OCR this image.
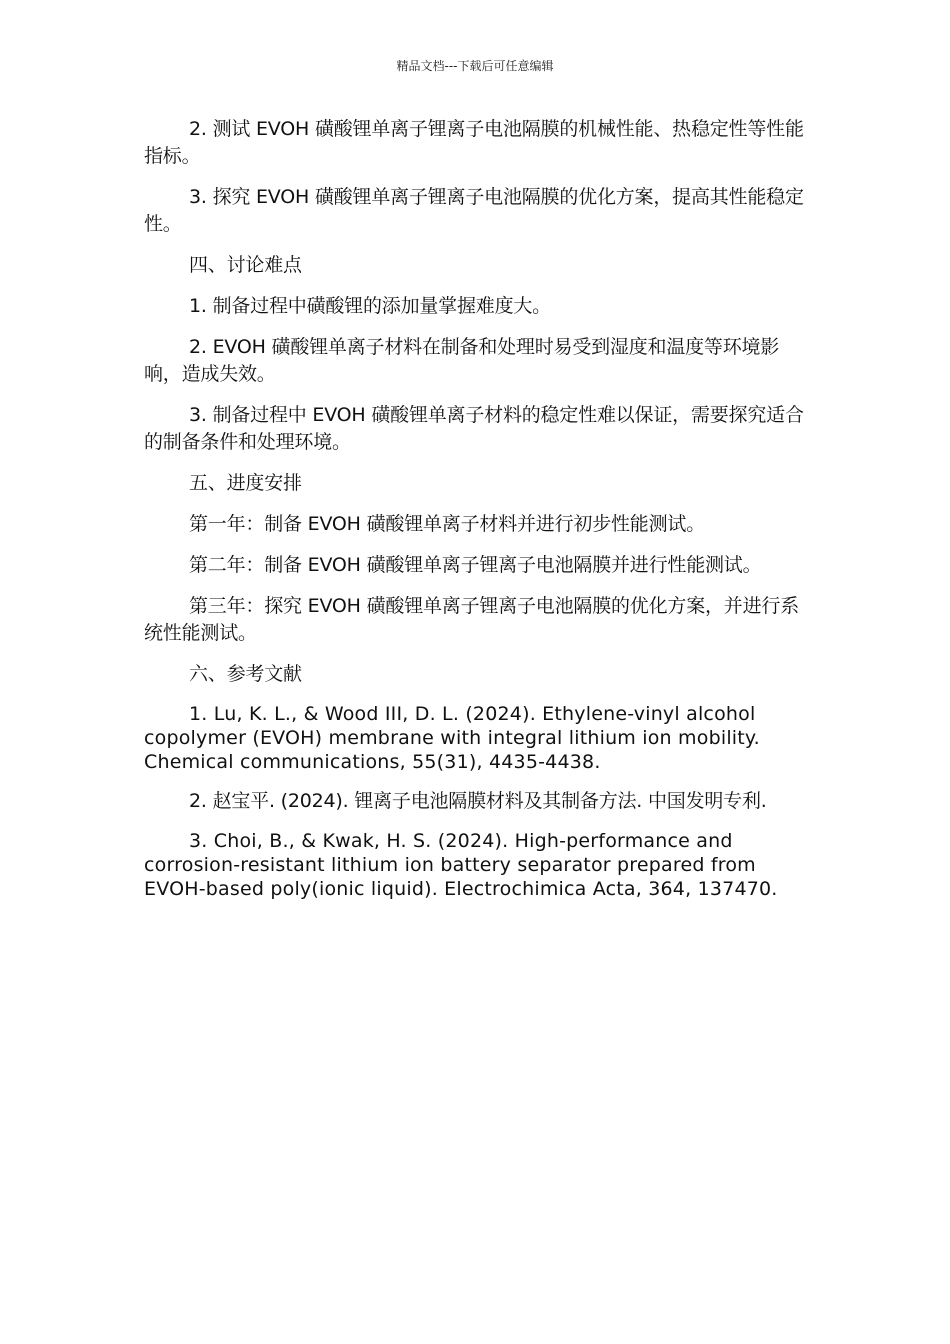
精品文档---下载后可任意编辑

2. 测试 EVOH 磺酸锂单离子锂离子电池隔膜的机械性能、热稳定性等性能指标。

3. 探究 EVOH 磺酸锂单离子锂离子电池隔膜的优化方案，提高其性能稳定性。

四、讨论难点

1. 制备过程中磺酸锂的添加量掌握难度大。

2. EVOH 磺酸锂单离子材料在制备和处理时易受到湿度和温度等环境影响，造成失效。

3. 制备过程中 EVOH 磺酸锂单离子材料的稳定性难以保证，需要探究适合的制备条件和处理环境。

五、进度安排

第一年：制备 EVOH 磺酸锂单离子材料并进行初步性能测试。

第二年：制备 EVOH 磺酸锂单离子锂离子电池隔膜并进行性能测试。

第三年：探究 EVOH 磺酸锂单离子锂离子电池隔膜的优化方案，并进行系统性能测试。

六、参考文献

1. Lu, K. L., & Wood III, D. L. (2024). Ethylene-vinyl alcohol copolymer (EVOH) membrane with integral lithium ion mobility. Chemical communications, 55(31), 4435-4438.

2. 赵宝平. (2024). 锂离子电池隔膜材料及其制备方法. 中国发明专利.

3. Choi, B., & Kwak, H. S. (2024). High-performance and corrosion-resistant lithium ion battery separator prepared from EVOH-based poly(ionic liquid). Electrochimica Acta, 364, 137470.
